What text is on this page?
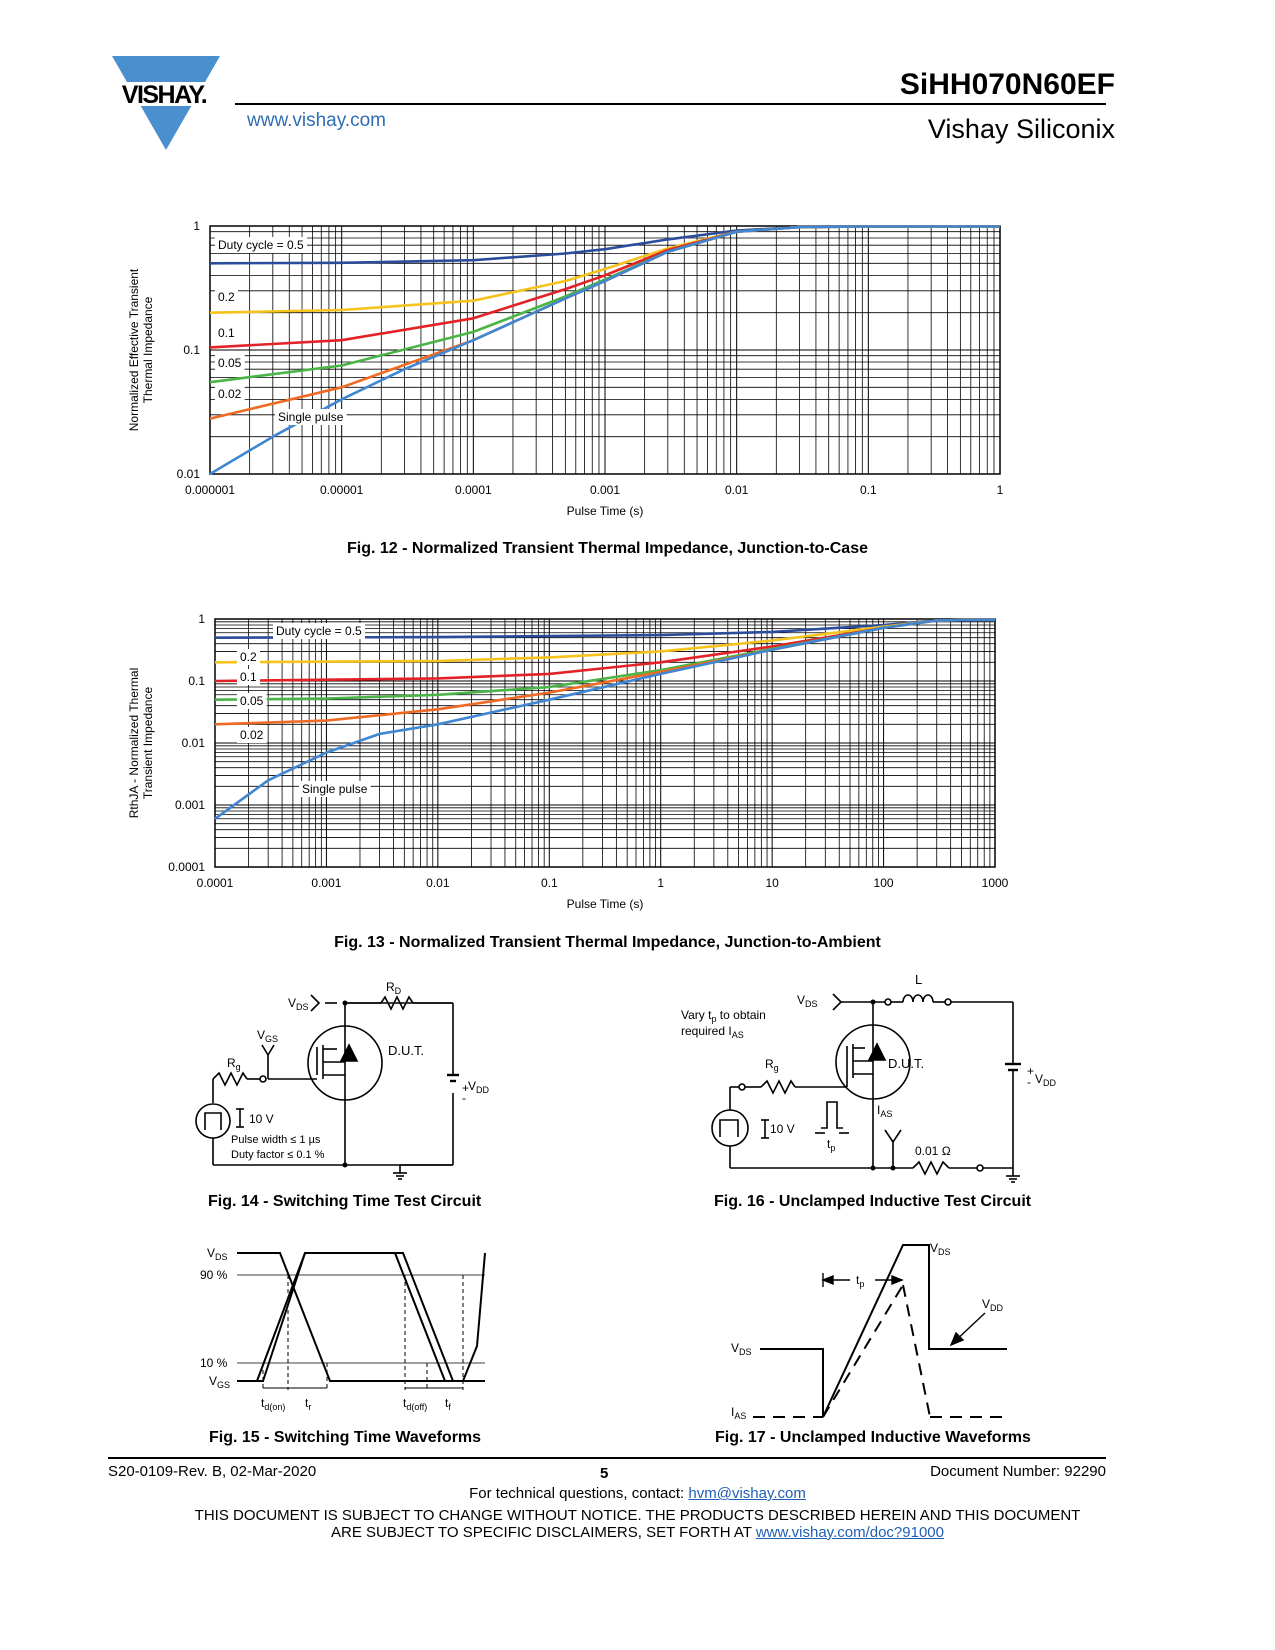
VISHAY.
www.vishay.com
SiHH070N60EF
Vishay Siliconix
Duty cycle = 0.5
0.2
0.1
0.05
0.02
Single pulse
0.000001	0.00001	0.0001	0.001	0.01	0.1	1
0.01
0.1
1
Pulse Time (s)
Normalized Effective TransientThermal Impedance
Fig. 12 - Normalized Transient Thermal Impedance, Junction-to-Case
Duty cycle = 0.5
0.2
0.1
0.05
0.02
Single pulse
0.0001	0.001	0.01	0.1	1	10	100	1000
0.0001
0.001
0.01
0.1
1
Pulse Time (s)
RthJA - Normalized ThermalTransient Impedance
Fig. 13 - Normalized Transient Thermal Impedance, Junction-to-Ambient
$V_{DS}$
$R_D$
$V_{GS}$
$R_g$
D.U.T.
+
-
$V_{DD}$
10 V
Pulse width ≤ 1 µs
Duty factor ≤ 0.1 %
Fig. 14 - Switching Time Test Circuit
L
$V_{DS}$
Vary $t_p$ to obtain
required $I_{AS}$
$R_g$	D.U.T.	+
- $V_{DD}$
$I_{AS}$
10 V
$t_p$	0.01 Ω
Fig. 16 - Unclamped Inductive Test Circuit
$V_{DS}$
90 %
10 %
$V_{GS}$
$t_{d(on)}$ $t_r$	$t_{d(off)}$ $t_f$
Fig. 15 - Switching Time Waveforms
$V_{DS}$
$V_{DD}$
$t_p$
$V_{DS}$
$I_{AS}$
Fig. 17 - Unclamped Inductive Waveforms
S20-0109-Rev. B, 02-Mar-2020	5	Document Number: 92290
For technical questions, contact: hvm@vishay.com
THIS DOCUMENT IS SUBJECT TO CHANGE WITHOUT NOTICE. THE PRODUCTS DESCRIBED HEREIN AND THIS DOCUMENT
ARE SUBJECT TO SPECIFIC DISCLAIMERS, SET FORTH AT www.vishay.com/doc?91000
